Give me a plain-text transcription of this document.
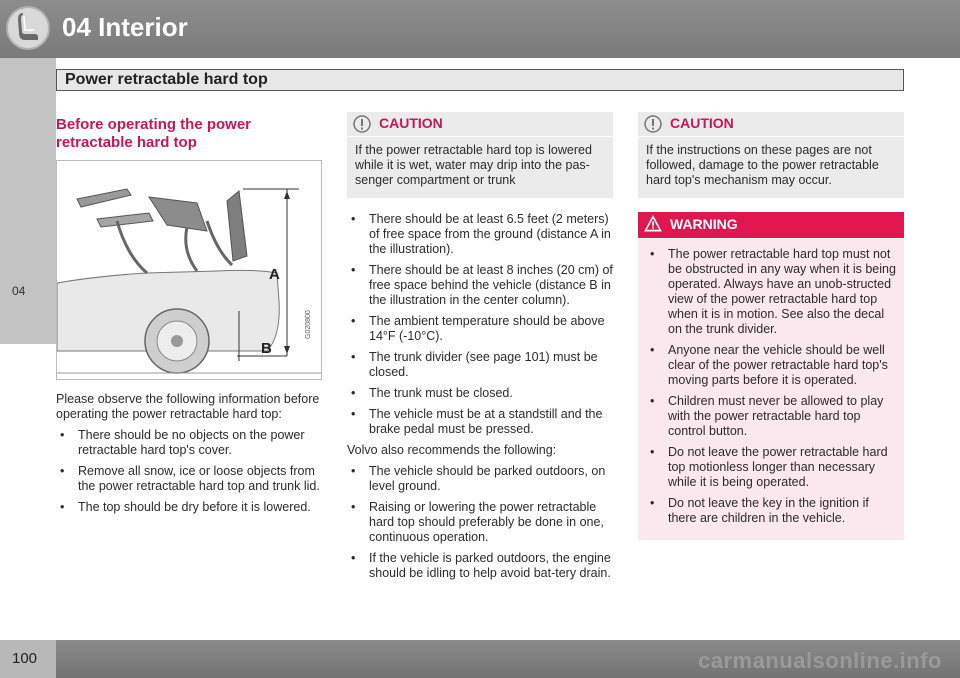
04 Interior
Power retractable hard top
04
Before operating the power retractable hard top
A
B
G020800

Please observe the following information before operating the power retractable hard top:

• There should be no objects on the power retractable hard top's cover.
• Remove all snow, ice or loose objects from the power retractable hard top and trunk lid.
• The top should be dry before it is lowered.
CAUTION
If the power retractable hard top is lowered while it is wet, water may drip into the pas-senger compartment or trunk
• There should be at least 6.5 feet (2 meters) of free space from the ground (distance A in the illustration).
• There should be at least 8 inches (20 cm) of free space behind the vehicle (distance B in the illustration in the center column).
• The ambient temperature should be above 14°F (-10°C).
• The trunk divider (see page 101) must be closed.
• The trunk must be closed.
• The vehicle must be at a standstill and the brake pedal must be pressed.

Volvo also recommends the following:

• The vehicle should be parked outdoors, on level ground.
• Raising or lowering the power retractable hard top should preferably be done in one, continuous operation.
• If the vehicle is parked outdoors, the engine should be idling to help avoid bat-tery drain.
CAUTION
If the instructions on these pages are not followed, damage to the power retractable hard top's mechanism may occur.
WARNING
• The power retractable hard top must not be obstructed in any way when it is being operated. Always have an unob-structed view of the power retractable hard top when it is in motion. See also the decal on the trunk divider.
• Anyone near the vehicle should be well clear of the power retractable hard top's moving parts before it is operated.
• Children must never be allowed to play with the power retractable hard top control button.
• Do not leave the power retractable hard top motionless longer than necessary while it is being operated.
• Do not leave the key in the ignition if there are children in the vehicle.
100	carmanualsonline.info
